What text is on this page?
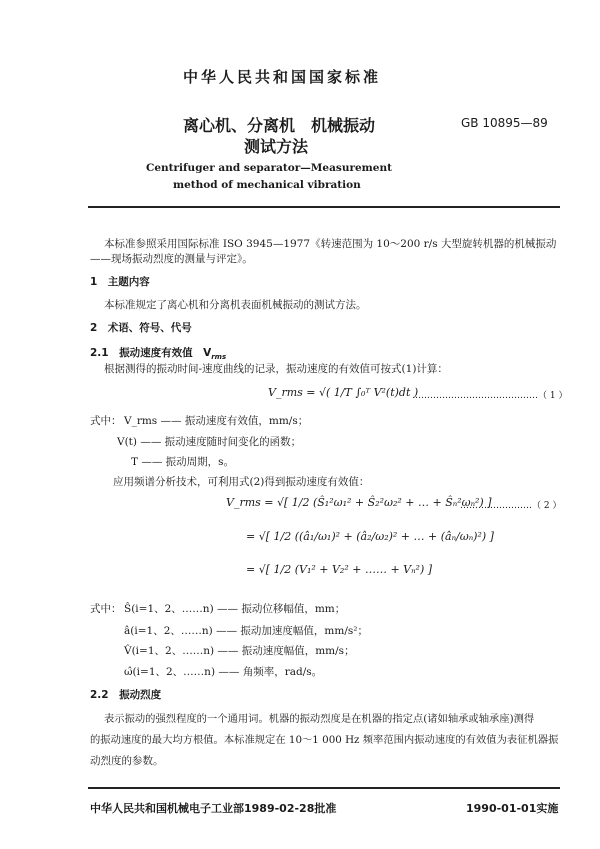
中华人民共和国国家标准
离心机、分离机　机械振动
测试方法
GB 10895—89
Centrifuger and separator—Measurement
method of mechanical vibration
本标准参照采用国际标准 ISO 3945—1977《转速范围为 10～200 r/s 大型旋转机器的机械振动
——现场振动烈度的测量与评定》。
1　主题内容
本标准规定了离心机和分离机表面机械振动的测试方法。
2　术语、符号、代号
2.1　振动速度有效值　$V_{rms}$
根据测得的振动时间-速度曲线的记录，振动速度的有效值可按式(1)计算：
V_rms = √( 1/T ∫₀ᵀ V²(t)dt )
……………………………………（ 1 ）
式中： V_rms —— 振动速度有效值，mm/s；
V(t) —— 振动速度随时间变化的函数；
T —— 振动周期，s。
应用频谱分析技术，可利用式(2)得到振动速度有效值：
V_rms = √[ 1/2 (Ŝ₁²ω₁² + Ŝ₂²ω₂² + … + Ŝₙ²ωₙ²) ]
……………………（ 2 ）
= √[ 1/2 ((â₁/ω₁)² + (â₂/ω₂)² + … + (âₙ/ωₙ)²) ]
= √[ 1/2 (V₁² + V₂² + …… + Vₙ²) ]
式中： Ŝ(i=1、2、……n) —— 振动位移幅值，mm；
â(i=1、2、……n) —— 振动加速度幅值，mm/s²；
V̂(i=1、2、……n) —— 振动速度幅值，mm/s；
ω̂(i=1、2、……n) —— 角频率，rad/s。
2.2　振动烈度
表示振动的强烈程度的一个通用词。机器的振动烈度是在机器的指定点(诸如轴承或轴承座)测得
的振动速度的最大均方根值。本标准规定在 10～1 000 Hz 频率范围内振动速度的有效值为表征机器振
动烈度的参数。
中华人民共和国机械电子工业部1989-02-28批准	1990-01-01实施
